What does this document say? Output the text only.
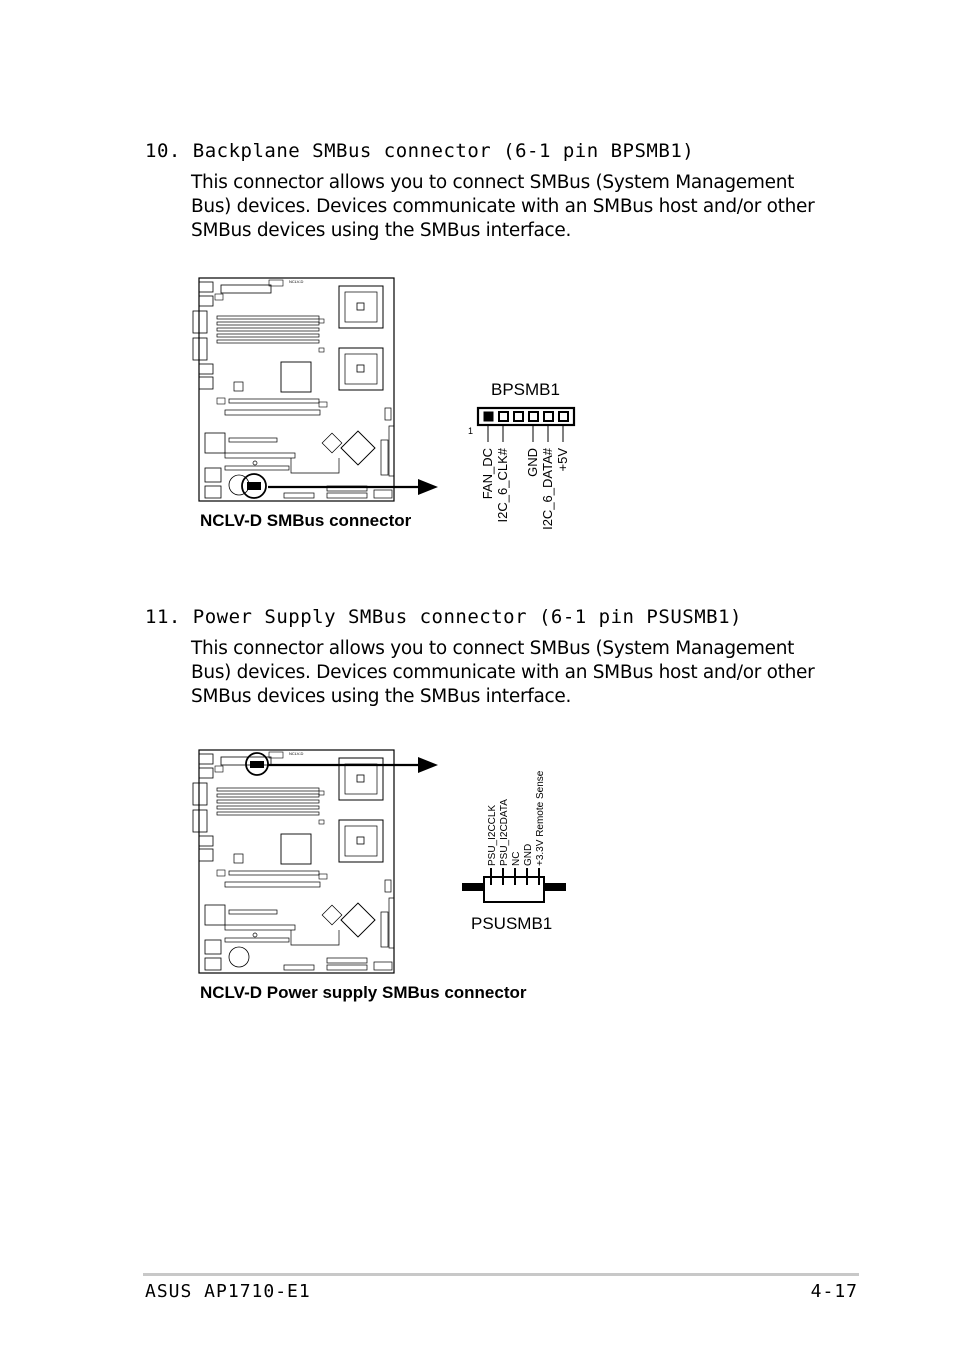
10. Backplane SMBus connector (6-1 pin BPSMB1)
This connector allows you to connect SMBus (System Management
Bus) devices. Devices communicate with an SMBus host and/or other
SMBus devices using the SMBus interface.
11. Power Supply SMBus connector (6-1 pin PSUSMB1)
This connector allows you to connect SMBus (System Management
Bus) devices. Devices communicate with an SMBus host and/or other
SMBus devices using the SMBus interface.
NCLV-D
BPSMB1
1
FAN_DC I2C_6_CLK# GND I2C_6_DATA# +5V
NCLV-D
PSU_I2CCLK PSU_I2CDATA NC GND +3.3V Remote Sense
PSUSMB1
NCLV-D SMBus connector
NCLV-D Power supply SMBus connector
ASUS AP1710-E1	4-17
